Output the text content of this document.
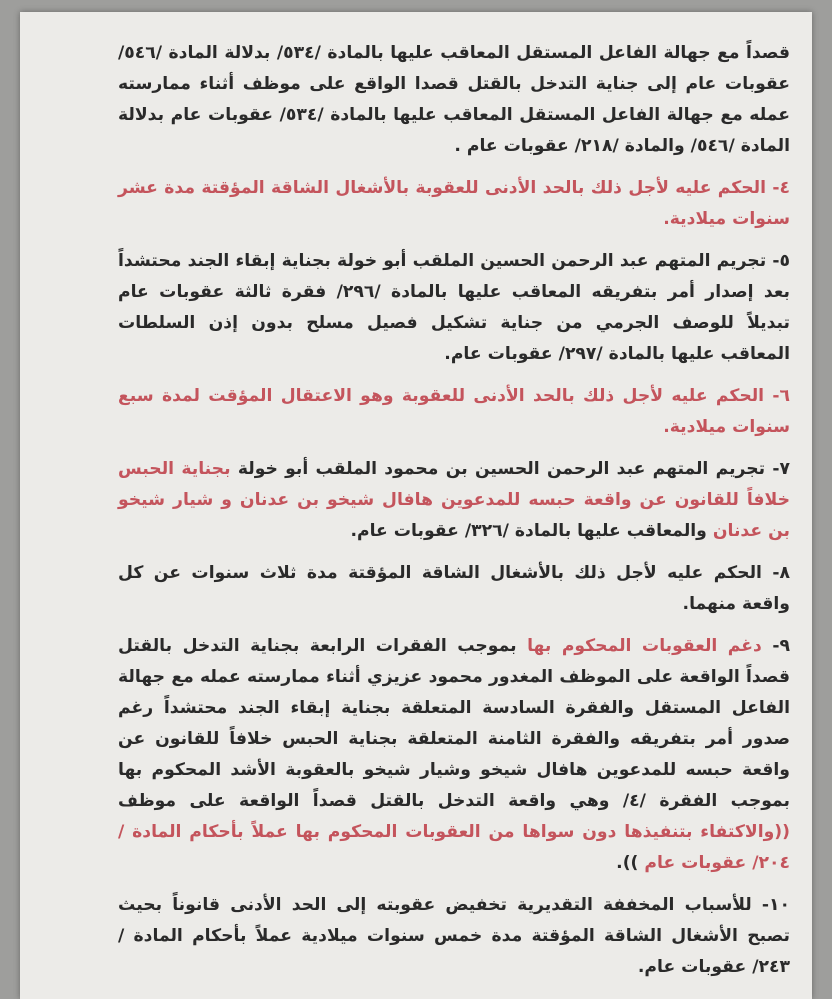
قصداً مع جهالة الفاعل المستقل المعاقب عليها بالمادة /٥٣٤/ بدلالة المادة /٥٤٦/ عقوبات عام إلى جناية التدخل بالقتل قصدا الواقع على موظف أثناء ممارسته عمله مع جهالة الفاعل المستقل المعاقب عليها بالمادة /٥٣٤/ عقوبات عام بدلالة المادة /٥٤٦/ والمادة /٢١٨/ عقوبات عام .

٤- الحكم عليه لأجل ذلك بالحد الأدنى للعقوبة بالأشغال الشاقة المؤقتة مدة عشر سنوات ميلادية.

٥- تجريم المتهم عبد الرحمن الحسين الملقب أبو خولة بجناية إبقاء الجند محتشداً بعد إصدار أمر بتفريقه المعاقب عليها بالمادة /٢٩٦/ فقرة ثالثة عقوبات عام تبديلاً للوصف الجرمي من جناية تشكيل فصيل مسلح بدون إذن السلطات المعاقب عليها بالمادة /٢٩٧/ عقوبات عام.

٦- الحكم عليه لأجل ذلك بالحد الأدنى للعقوبة وهو الاعتقال المؤقت لمدة سبع سنوات ميلادية.

٧- تجريم المتهم عبد الرحمن الحسين بن محمود الملقب أبو خولة بجناية الحبس خلافاً للقانون عن واقعة حبسه للمدعوين هافال شيخو بن عدنان و شيار شيخو بن عدنان والمعاقب عليها بالمادة /٣٢٦/ عقوبات عام.

٨- الحكم عليه لأجل ذلك بالأشغال الشاقة المؤقتة مدة ثلاث سنوات عن كل واقعة منهما.

٩- دغم العقوبات المحكوم بها بموجب الفقرات الرابعة بجناية التدخل بالقتل قصداً الواقعة على الموظف المغدور محمود عزيزي أثناء ممارسته عمله مع جهالة الفاعل المستقل والفقرة السادسة المتعلقة بجناية إبقاء الجند محتشداً رغم صدور أمر بتفريقه والفقرة الثامنة المتعلقة بجناية الحبس خلافاً للقانون عن واقعة حبسه للمدعوين هافال شيخو وشيار شيخو بالعقوبة الأشد المحكوم بها بموجب الفقرة /٤/ وهي واقعة التدخل بالقتل قصداً الواقعة على موظف ((والاكتفاء بتنفيذها دون سواها من العقوبات المحكوم بها عملاً بأحكام المادة /٢٠٤/ عقوبات عام )).

١٠- للأسباب المخففة التقديرية تخفيض عقوبته إلى الحد الأدنى قانوناً بحيث تصبح الأشغال الشاقة المؤقتة مدة خمس سنوات ميلادية عملاً بأحكام المادة /٢٤٣/ عقوبات عام.
